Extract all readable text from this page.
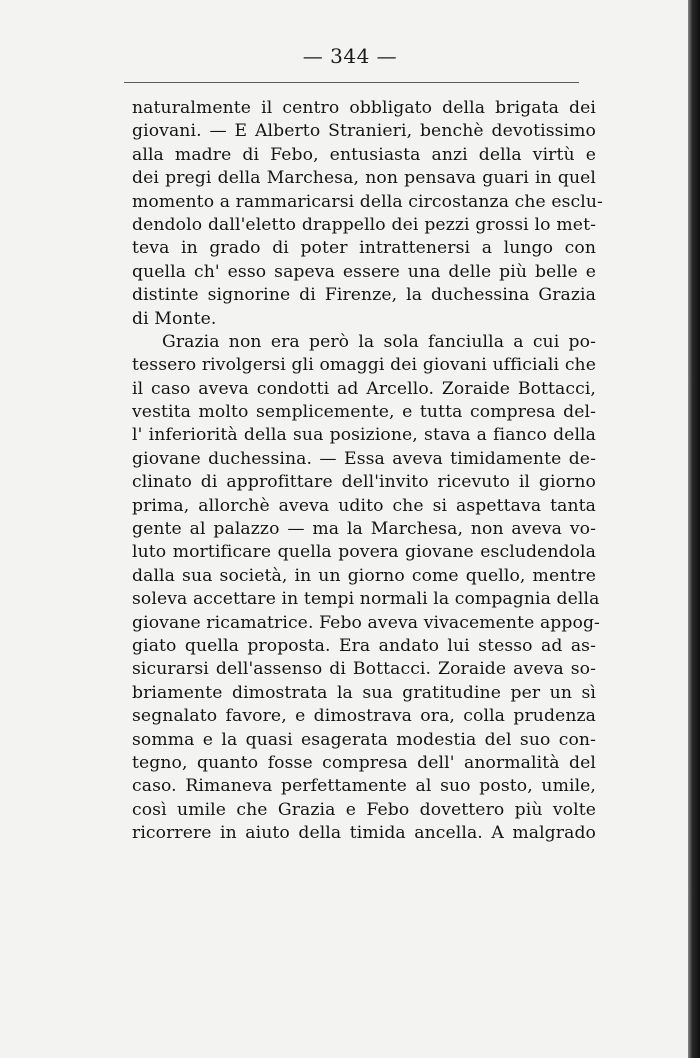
— 344 —
naturalmente il centro obbligato della brigata dei
giovani. — E Alberto Stranieri, benchè devotissimo
alla madre di Febo, entusiasta anzi della virtù e
dei pregi della Marchesa, non pensava guari in quel
momento a rammaricarsi della circostanza che esclu-
dendolo dall'eletto drappello dei pezzi grossi lo met-
teva in grado di poter intrattenersi a lungo con
quella ch' esso sapeva essere una delle più belle e
distinte signorine di Firenze, la duchessina Grazia
di Monte.
Grazia non era però la sola fanciulla a cui po-
tessero rivolgersi gli omaggi dei giovani ufficiali che
il caso aveva condotti ad Arcello. Zoraide Bottacci,
vestita molto semplicemente, e tutta compresa del-
l' inferiorità della sua posizione, stava a fianco della
giovane duchessina. — Essa aveva timidamente de-
clinato di approfittare dell'invito ricevuto il giorno
prima, allorchè aveva udito che si aspettava tanta
gente al palazzo — ma la Marchesa, non aveva vo-
luto mortificare quella povera giovane escludendola
dalla sua società, in un giorno come quello, mentre
soleva accettare in tempi normali la compagnia della
giovane ricamatrice. Febo aveva vivacemente appog-
giato quella proposta. Era andato lui stesso ad as-
sicurarsi dell'assenso di Bottacci. Zoraide aveva so-
briamente dimostrata la sua gratitudine per un sì
segnalato favore, e dimostrava ora, colla prudenza
somma e la quasi esagerata modestia del suo con-
tegno, quanto fosse compresa dell' anormalità del
caso. Rimaneva perfettamente al suo posto, umile,
così umile che Grazia e Febo dovettero più volte
ricorrere in aiuto della timida ancella. A malgrado
